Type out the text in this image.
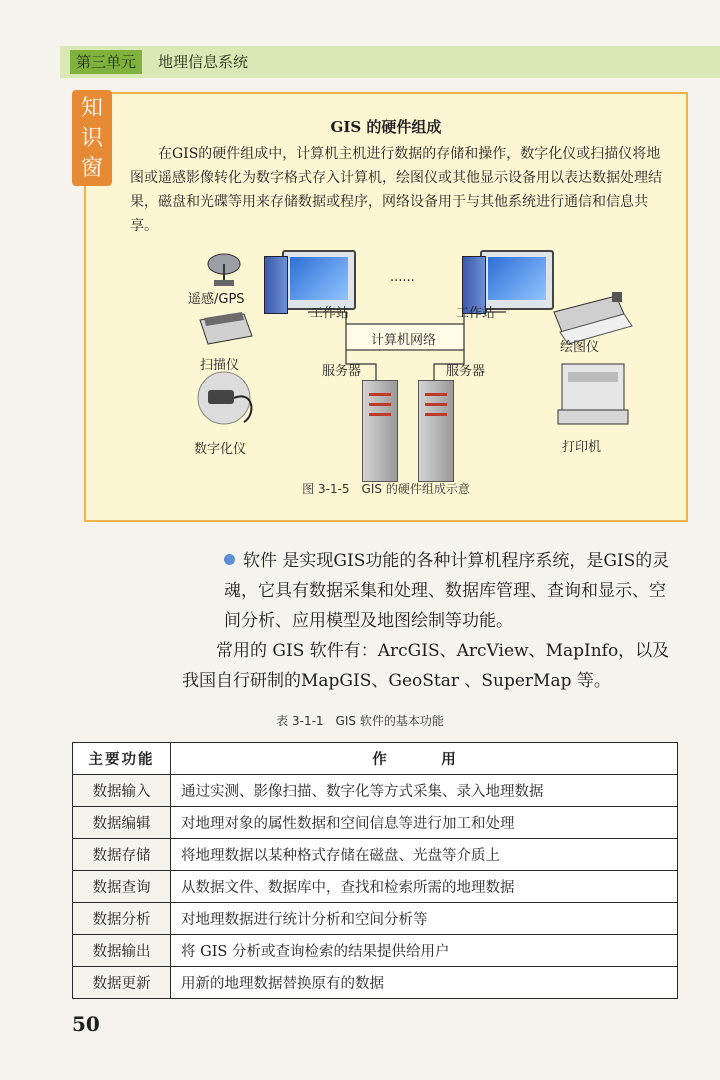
第三单元	地理信息系统
知识窗
GIS 的硬件组成
在GIS的硬件组成中，计算机主机进行数据的存储和操作，数字化仪或扫描仪将地图或遥感影像转化为数字格式存入计算机，绘图仪或其他显示设备用以表达数据处理结果，磁盘和光碟等用来存储数据或程序，网络设备用于与其他系统进行通信和信息共享。
遥感/GPS
扫描仪
数字化仪
工作站
......
工作站
计算机网络
服务器	服务器
绘图仪
打印机
图 3-1-5　GIS 的硬件组成示意
软件 是实现GIS功能的各种计算机程序系统，是GIS的灵魂，它具有数据采集和处理、数据库管理、查询和显示、空间分析、应用模型及地图绘制等功能。
常用的 GIS 软件有：ArcGIS、ArcView、MapInfo，以及我国自行研制的MapGIS、GeoStar 、SuperMap 等。
表 3-1-1　GIS 软件的基本功能
主要功能	作　用
数据输入	通过实测、影像扫描、数字化等方式采集、录入地理数据
数据编辑	对地理对象的属性数据和空间信息等进行加工和处理
数据存储	将地理数据以某种格式存储在磁盘、光盘等介质上
数据查询	从数据文件、数据库中，查找和检索所需的地理数据
数据分析	对地理数据进行统计分析和空间分析等
数据输出	将 GIS 分析或查询检索的结果提供给用户
数据更新	用新的地理数据替换原有的数据
50
